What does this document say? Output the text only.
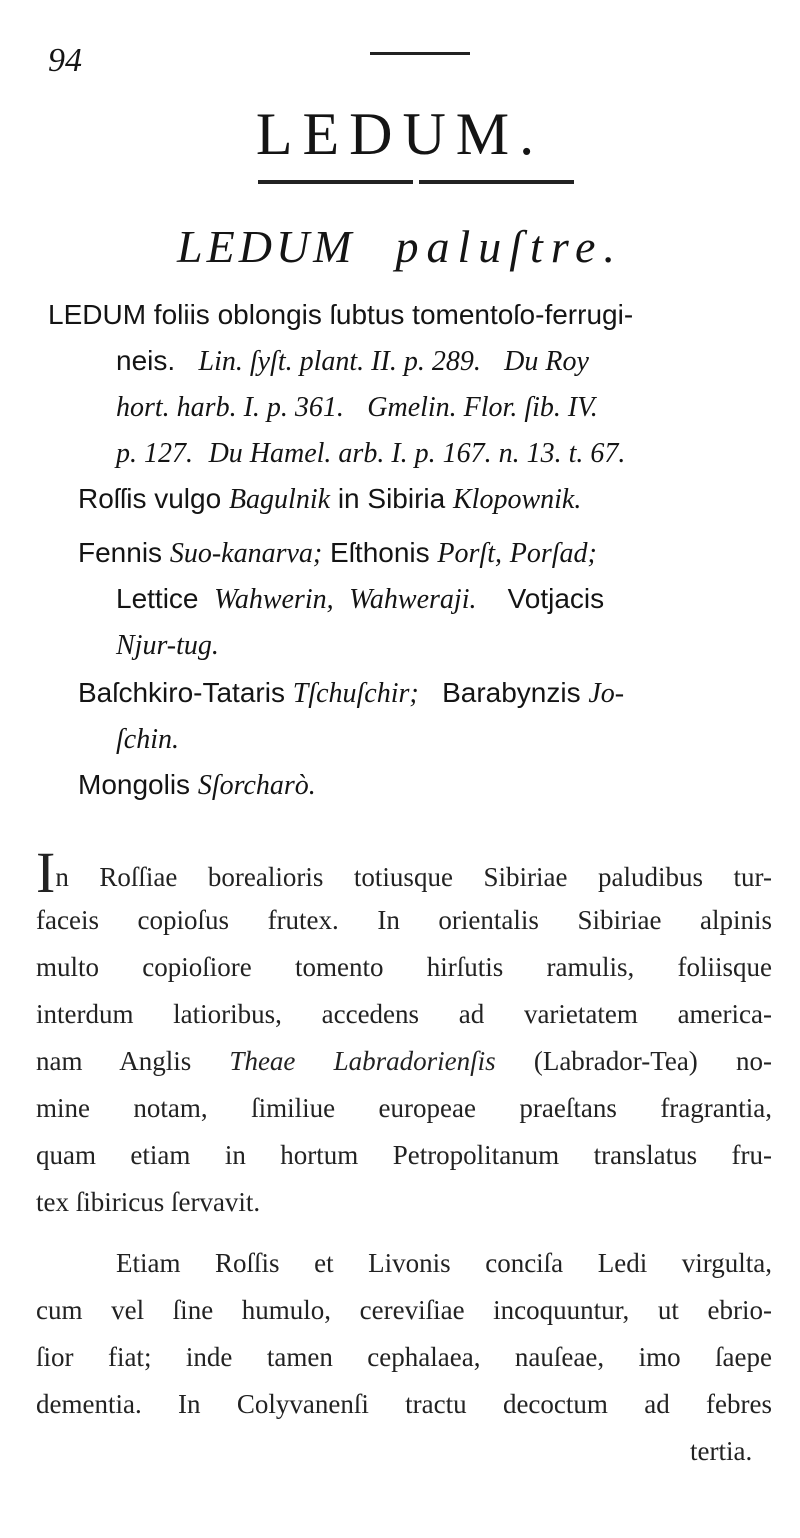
94
LEDUM.
LEDUM paluſtre.
LEDUM foliis oblongis ſubtus tomentoſo-ferrugi-
neis. Lin. ſyſt. plant. II. p. 289. Du Roy
hort. harb. I. p. 361. Gmelin. Flor. ſib. IV.
p. 127. Du Hamel. arb. I. p. 167. n. 13. t. 67.
Roſſis vulgo Bagulnik in Sibiria Klopownik.
Fennis Suo-kanarva; Eſthonis Porſt, Porſad;
Lettice Wahwerin, Wahweraji. Votjacis
Njur-tug.
Baſchkiro-Tataris Tſchuſchir; Barabynzis Jo-
ſchin.
Mongolis Sſorcharò.
In Roſſiae borealioris totiusque Sibiriae paludibus tur-
faceis copioſus frutex. In orientalis Sibiriae alpinis
multo copioſiore tomento hirſutis ramulis, foliisque
interdum latioribus, accedens ad varietatem america-
nam Anglis Theae Labradorienſis (Labrador-Tea) no-
mine notam, ſimiliue europeae praeſtans fragrantia,
quam etiam in hortum Petropolitanum translatus fru-
tex ſibiricus ſervavit.
Etiam Roſſis et Livonis conciſa Ledi virgulta,
cum vel ſine humulo, cereviſiae incoquuntur, ut ebrio-
ſior fiat; inde tamen cephalaea, nauſeae, imo ſaepe
dementia. In Colyvanenſi tractu decoctum ad febres
tertia.
